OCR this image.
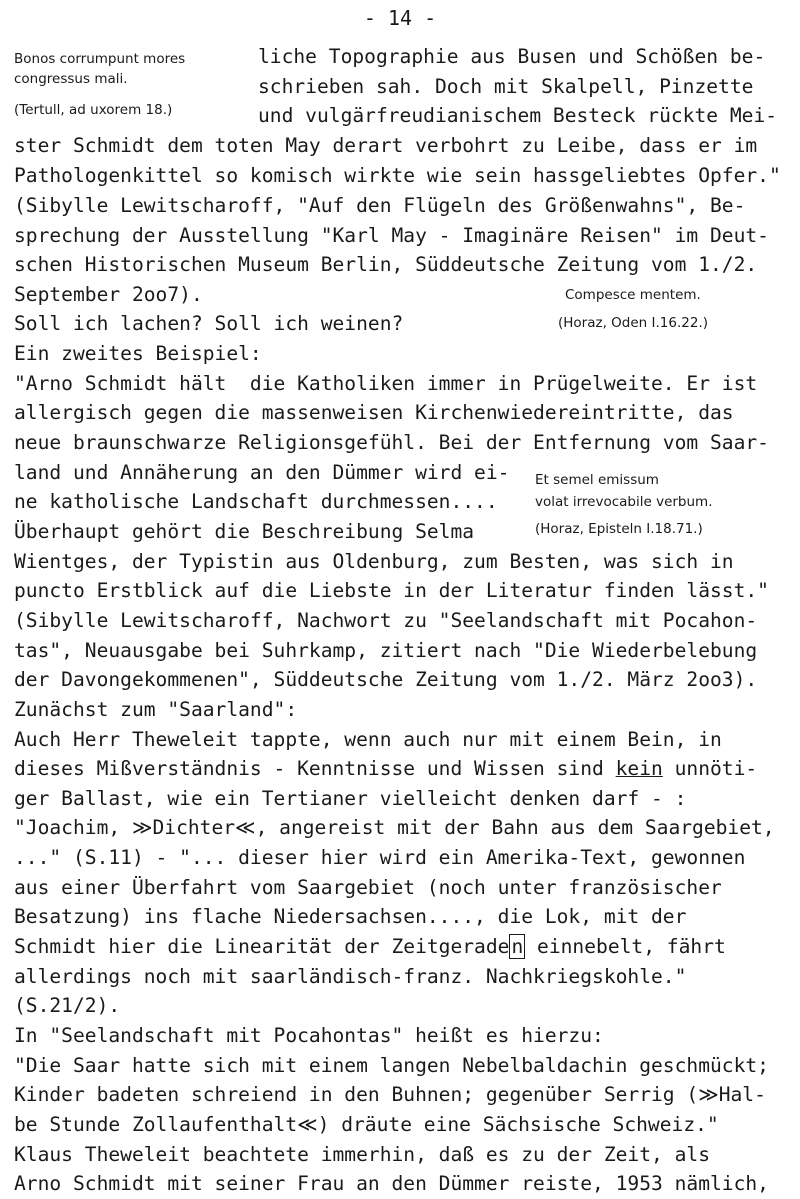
- 14 -
Bonos corrumpunt mores
congressus mali.
(Tertull, ad uxorem 18.)
Compesce mentem.
(Horaz, Oden I.16.22.)
Et semel emissum
volat irrevocabile verbum.
(Horaz, Episteln I.18.71.)
liche Topographie aus Busen und Schößen be-
schrieben sah. Doch mit Skalpell, Pinzette
und vulgärfreudianischem Besteck rückte Mei-
ster Schmidt dem toten May derart verbohrt zu Leibe, dass er im
Pathologenkittel so komisch wirkte wie sein hassgeliebtes Opfer."
(Sibylle Lewitscharoff, "Auf den Flügeln des Größenwahns", Be-
sprechung der Ausstellung "Karl May - Imaginäre Reisen" im Deut-
schen Historischen Museum Berlin, Süddeutsche Zeitung vom 1./2.
September 2oo7).
Soll ich lachen? Soll ich weinen?
Ein zweites Beispiel:
"Arno Schmidt hält  die Katholiken immer in Prügelweite. Er ist
allergisch gegen die massenweisen Kirchenwiedereintritte, das
neue braunschwarze Religionsgefühl. Bei der Entfernung vom Saar-
land und Annäherung an den Dümmer wird ei-
ne katholische Landschaft durchmessen....
Überhaupt gehört die Beschreibung Selma
Wientges, der Typistin aus Oldenburg, zum Besten, was sich in
puncto Erstblick auf die Liebste in der Literatur finden lässt."
(Sibylle Lewitscharoff, Nachwort zu "Seelandschaft mit Pocahon-
tas", Neuausgabe bei Suhrkamp, zitiert nach "Die Wiederbelebung
der Davongekommenen", Süddeutsche Zeitung vom 1./2. März 2oo3).
Zunächst zum "Saarland":
Auch Herr Theweleit tappte, wenn auch nur mit einem Bein, in
dieses Mißverständnis - Kenntnisse und Wissen sind kein unnöti-
ger Ballast, wie ein Tertianer vielleicht denken darf - :
"Joachim, ≫Dichter≪, angereist mit der Bahn aus dem Saargebiet,
..." (S.11) - "... dieser hier wird ein Amerika-Text, gewonnen
aus einer Überfahrt vom Saargebiet (noch unter französischer
Besatzung) ins flache Niedersachsen...., die Lok, mit der
Schmidt hier die Linearität der Zeitgerade n einnebelt, fährt
allerdings noch mit saarländisch-franz. Nachkriegskohle."
(S.21/2).
In "Seelandschaft mit Pocahontas" heißt es hierzu:
"Die Saar hatte sich mit einem langen Nebelbaldachin geschmückt;
Kinder badeten schreiend in den Buhnen; gegenüber Serrig (≫Hal-
be Stunde Zollaufenthalt≪) dräute eine Sächsische Schweiz."
Klaus Theweleit beachtete immerhin, daß es zu der Zeit, als
Arno Schmidt mit seiner Frau an den Dümmer reiste, 1953 nämlich,
